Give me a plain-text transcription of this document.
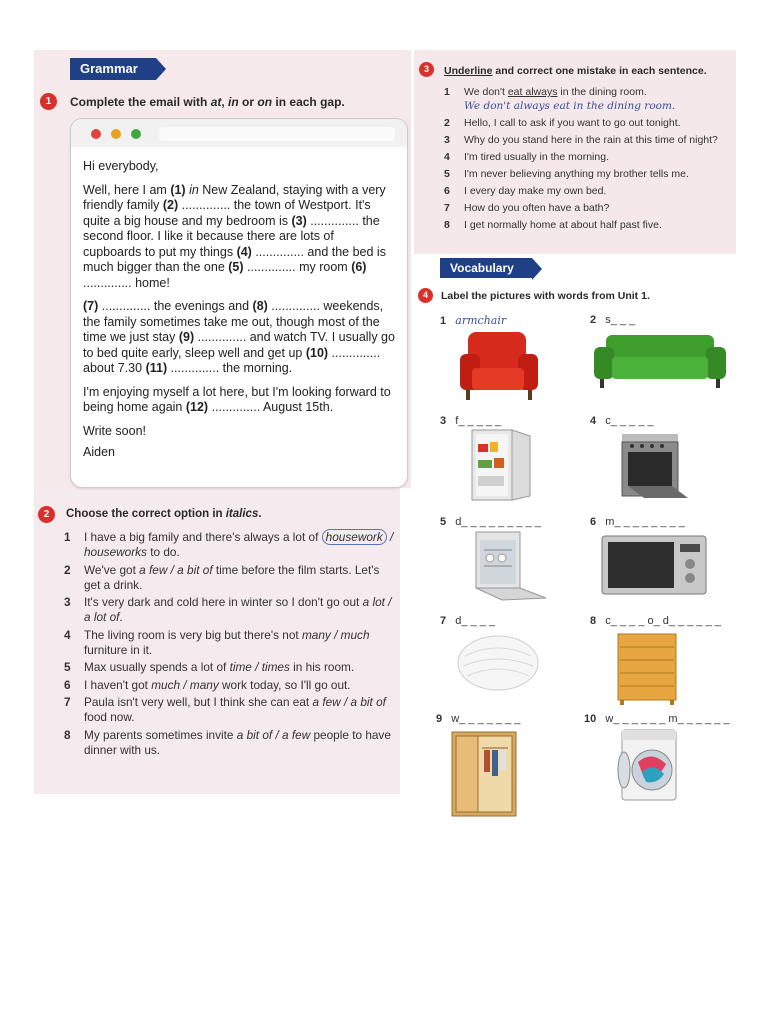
Grammar
1	Complete the email with at, in or on in each gap.

Hi everybody,

Well, here I am (1) in New Zealand, staying with a very friendly family (2) .............. the town of Westport. It's quite a big house and my bedroom is (3) .............. the second floor. I like it because there are lots of cupboards to put my things (4) .............. and the bed is much bigger than the one (5) .............. my room (6) .............. home!

(7) .............. the evenings and (8) .............. weekends, the family sometimes take me out, though most of the time we just stay (9) .............. and watch TV. I usually go to bed quite early, sleep well and get up (10) .............. about 7.30 (11) .............. the morning.

I'm enjoying myself a lot here, but I'm looking forward to being home again (12) .............. August 15th.

Write soon!

Aiden

2	Choose the correct option in italics.
1 I have a big family and there's always a lot of housework / housewor​ks to do.
2 We've got a few / a bit of time before the film starts. Let's get a drink.
3 It's very dark and cold here in winter so I don't go out a lot / a lot of.
4 The living room is very big but there's not many / much furniture in it.
5 Max usually spends a lot of time / times in his room.
6 I haven't got much / many work today, so I'll go out.
7 Paula isn't very well, but I think she can eat a few / a bit of food now.
8 My parents sometimes invite a bit of / a few people to have dinner with us.
3	Underline and correct one mistake in each sentence.
1 We don't eat always in the dining room.
We don't always eat in the dining room.
2 Hello, I call to ask if you want to go out tonight.
3 Why do you stand here in the rain at this time of night?
4 I'm tired usually in the morning.
5 I'm never believing anything my brother tells me.
6 I every day make my own bed.
7 How do you often have a bath?
8 I get normally home at about half past five.
Vocabulary
4	Label the pictures with words from Unit 1.
1 armchair	2 s_ _ _
3 f_ _ _ _ _	4 c_ _ _ _ _
5 d_ _ _ _ _ _ _ _ _	6 m_ _ _ _ _ _ _ _
7 d_ _ _ _	8 c_ _ _ _ o_ d_ _ _ _ _ _
9 w_ _ _ _ _ _ _	10 w_ _ _ _ _ _ m_ _ _ _ _ _
